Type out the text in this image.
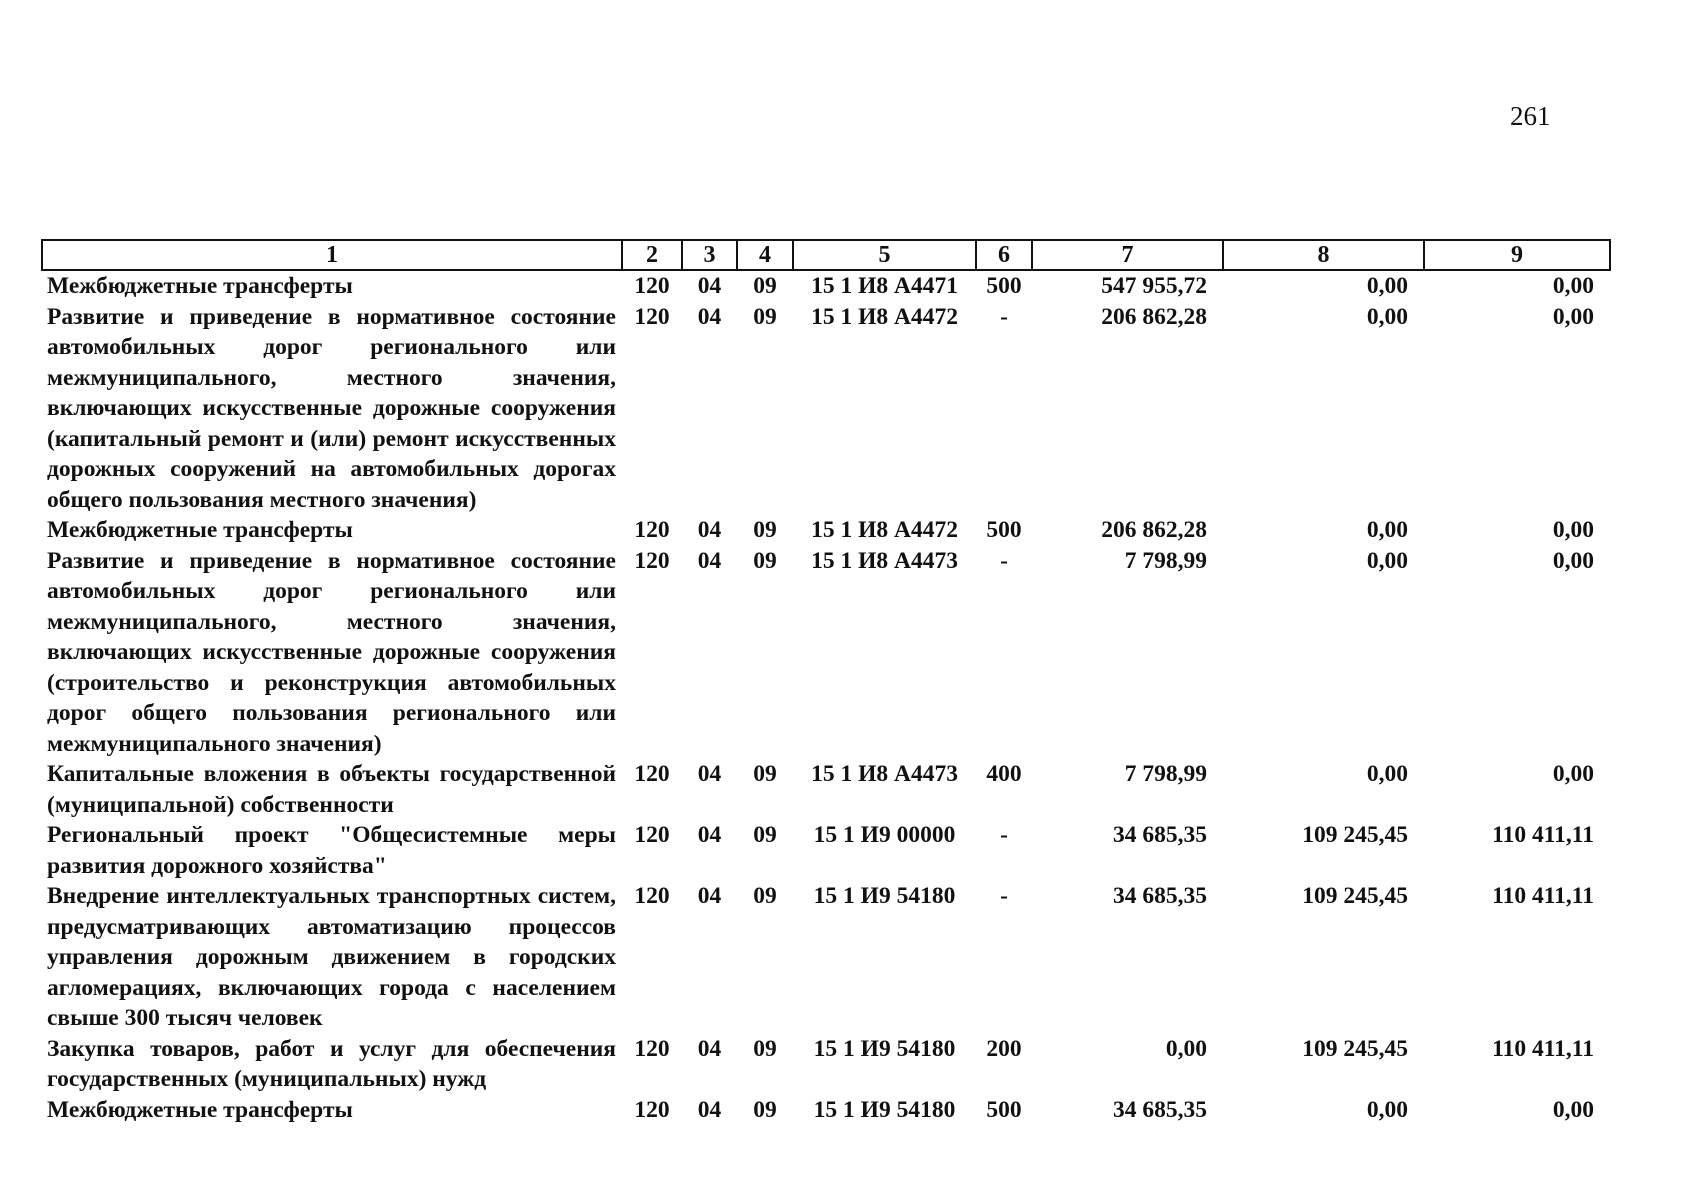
261
1	2	3	4	5	6	7	8	9
Межбюджетные трансферты	120	04	09	15 1 И8 А4471	500	547 955,72	0,00	0,00
Развитие и приведение в нормативное состояние автомобильных дорог регионального или межмуниципального, местного значения, включающих искусственные дорожные сооружения (капитальный ремонт и (или) ремонт искусственных дорожных сооружений на автомобильных дорогах общего пользования местного значения)	120	04	09	15 1 И8 А4472	-	206 862,28	0,00	0,00
Межбюджетные трансферты	120	04	09	15 1 И8 А4472	500	206 862,28	0,00	0,00
Развитие и приведение в нормативное состояние автомобильных дорог регионального или межмуниципального, местного значения, включающих искусственные дорожные сооружения (строительство и реконструкция автомобильных дорог общего пользования регионального или межмуниципального значения)	120	04	09	15 1 И8 А4473	-	7 798,99	0,00	0,00
Капитальные вложения в объекты государственной (муниципальной) собственности	120	04	09	15 1 И8 А4473	400	7 798,99	0,00	0,00
Региональный проект "Общесистемные меры развития дорожного хозяйства"	120	04	09	15 1 И9 00000	-	34 685,35	109 245,45	110 411,11
Внедрение интеллектуальных транспортных систем, предусматривающих автоматизацию процессов управления дорожным движением в городских агломерациях, включающих города с населением свыше 300 тысяч человек	120	04	09	15 1 И9 54180	-	34 685,35	109 245,45	110 411,11
Закупка товаров, работ и услуг для обеспечения государственных (муниципальных) нужд	120	04	09	15 1 И9 54180	200	0,00	109 245,45	110 411,11
Межбюджетные трансферты	120	04	09	15 1 И9 54180	500	34 685,35	0,00	0,00
